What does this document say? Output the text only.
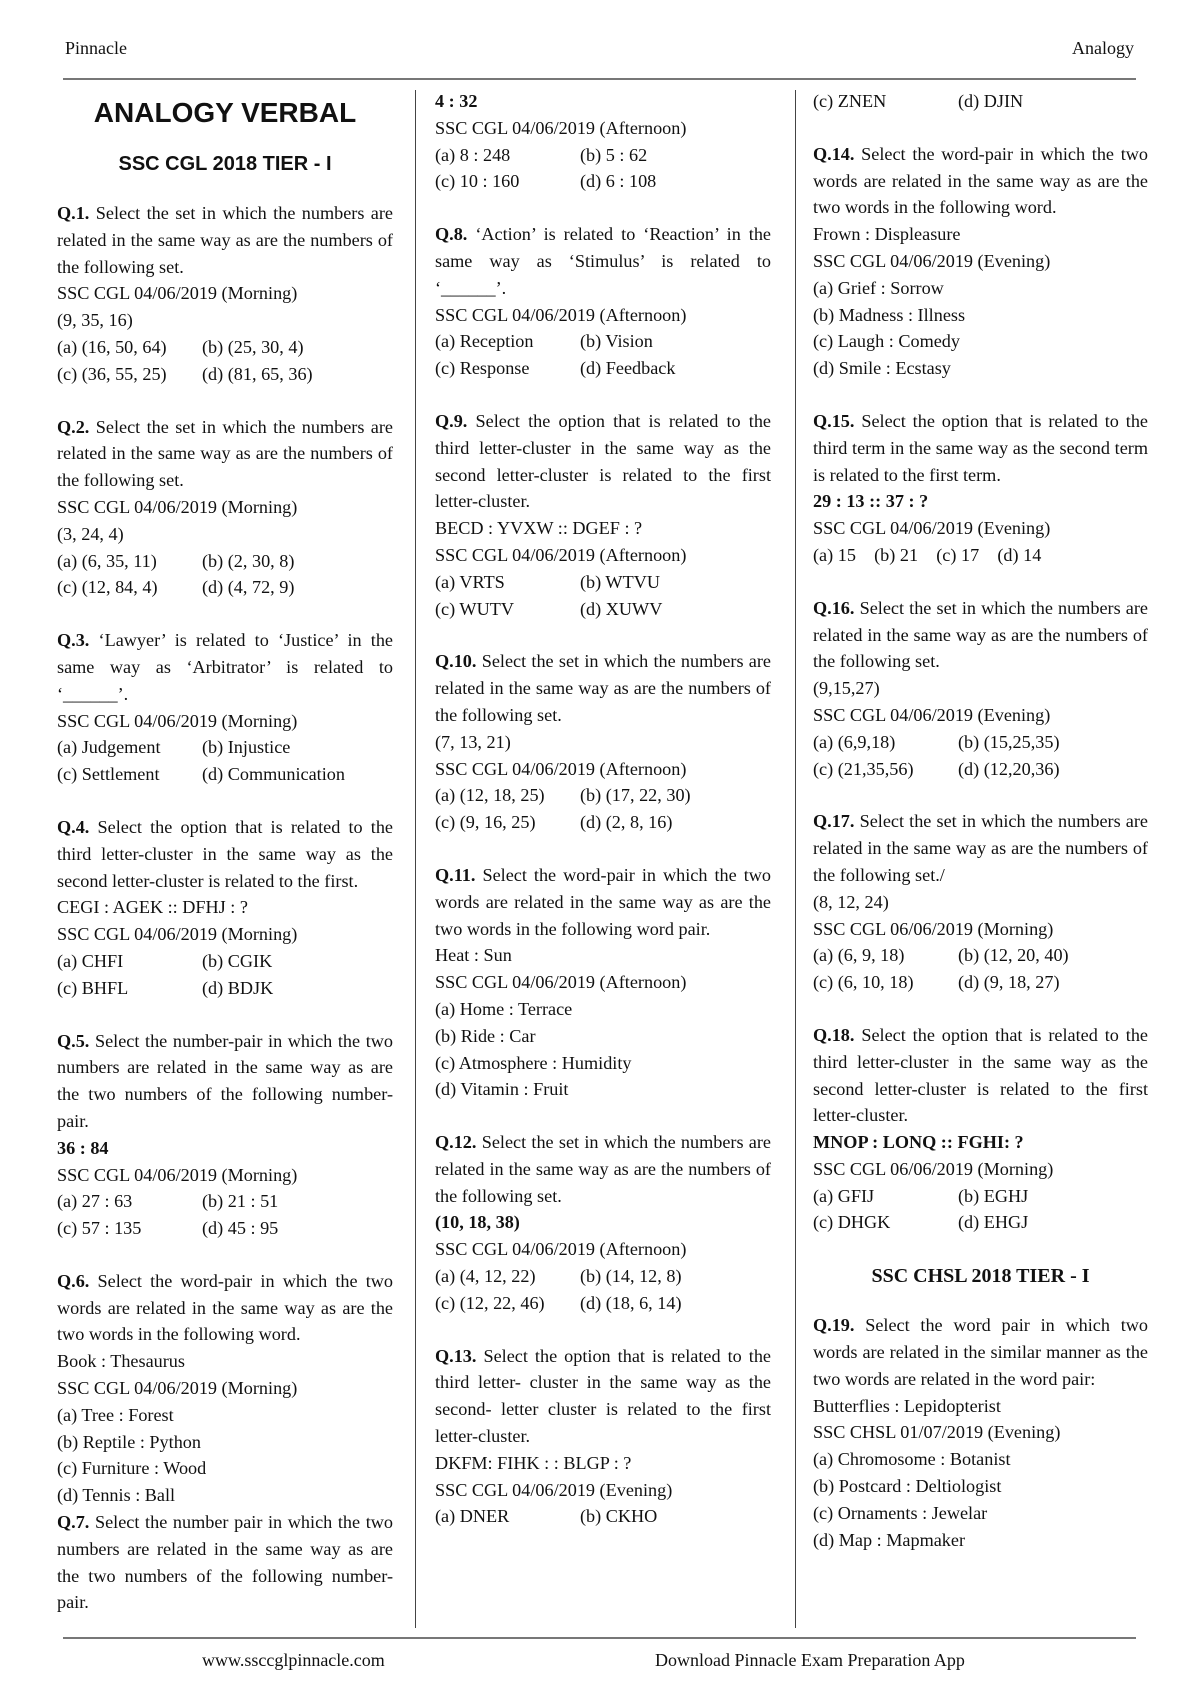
Pinnacle	Analogy
ANALOGY VERBAL
SSC CGL 2018 TIER - I
Q.1. Select the set in which the numbers are related in the same way as are the numbers of the following set.
SSC CGL 04/06/2019 (Morning)
(9, 35, 16)
(a) (16, 50, 64)	(b) (25, 30, 4)
(c) (36, 55, 25)	(d) (81, 65, 36)
Q.2. Select the set in which the numbers are related in the same way as are the numbers of the following set.
SSC CGL 04/06/2019 (Morning)
(3, 24, 4)
(a) (6, 35, 11)	(b) (2, 30, 8)
(c) (12, 84, 4)	(d) (4, 72, 9)
Q.3. ‘Lawyer’ is related to ‘Justice’ in the same way as ‘Arbitrator’ is related to ‘______’.
SSC CGL 04/06/2019 (Morning)
(a) Judgement	(b) Injustice
(c) Settlement	(d) Communication
Q.4. Select the option that is related to the third letter-cluster in the same way as the second letter-cluster is related to the first.
CEGI : AGEK :: DFHJ : ?
SSC CGL 04/06/2019 (Morning)
(a) CHFI	(b) CGIK
(c) BHFL	(d) BDJK
Q.5. Select the number-pair in which the two numbers are related in the same way as are the two numbers of the following number-pair.
36 : 84
SSC CGL 04/06/2019 (Morning)
(a) 27 : 63	(b) 21 : 51
(c) 57 : 135	(d) 45 : 95
Q.6. Select the word-pair in which the two words are related in the same way as are the two words in the following word.
Book : Thesaurus
SSC CGL 04/06/2019 (Morning)
(a) Tree : Forest
(b) Reptile : Python
(c) Furniture : Wood
(d) Tennis : Ball
Q.7. Select the number pair in which the two numbers are related in the same way as are the two numbers of the following number-pair.
4 : 32
SSC CGL 04/06/2019 (Afternoon)
(a) 8 : 248	(b) 5 : 62
(c) 10 : 160	(d) 6 : 108
Q.8. ‘Action’ is related to ‘Reaction’ in the same way as ‘Stimulus’ is related to ‘______’.
SSC CGL 04/06/2019 (Afternoon)
(a) Reception	(b) Vision
(c) Response	(d) Feedback
Q.9. Select the option that is related to the third letter-cluster in the same way as the second letter-cluster is related to the first letter-cluster.
BECD : YVXW :: DGEF : ?
SSC CGL 04/06/2019 (Afternoon)
(a) VRTS	(b) WTVU
(c) WUTV	(d) XUWV
Q.10. Select the set in which the numbers are related in the same way as are the numbers of the following set.
(7, 13, 21)
SSC CGL 04/06/2019 (Afternoon)
(a) (12, 18, 25)	(b) (17, 22, 30)
(c) (9, 16, 25)	(d) (2, 8, 16)
Q.11. Select the word-pair in which the two words are related in the same way as are the two words in the following word pair.
Heat : Sun
SSC CGL 04/06/2019 (Afternoon)
(a) Home : Terrace
(b) Ride : Car
(c) Atmosphere : Humidity
(d) Vitamin : Fruit
Q.12. Select the set in which the numbers are related in the same way as are the numbers of the following set.
(10, 18, 38)
SSC CGL 04/06/2019 (Afternoon)
(a) (4, 12, 22)	(b) (14, 12, 8)
(c) (12, 22, 46)	(d) (18, 6, 14)
Q.13. Select the option that is related to the third letter- cluster in the same way as the second- letter cluster is related to the first letter-cluster.
DKFM: FIHK : : BLGP : ?
SSC CGL 04/06/2019 (Evening)
(a) DNER	(b) CKHO
(c) ZNEN	(d) DJIN
Q.14. Select the word-pair in which the two words are related in the same way as are the two words in the following word.
Frown : Displeasure
SSC CGL 04/06/2019 (Evening)
(a) Grief : Sorrow
(b) Madness : Illness
(c) Laugh : Comedy
(d) Smile : Ecstasy
Q.15. Select the option that is related to the third term in the same way as the second term is related to the first term.
29 : 13 :: 37 : ?
SSC CGL 04/06/2019 (Evening)
(a) 15 (b) 21 (c) 17 (d) 14
Q.16. Select the set in which the numbers are related in the same way as are the numbers of the following set.
(9,15,27)
SSC CGL 04/06/2019 (Evening)
(a) (6,9,18)	(b) (15,25,35)
(c) (21,35,56)	(d) (12,20,36)
Q.17. Select the set in which the numbers are related in the same way as are the numbers of the following set./
(8, 12, 24)
SSC CGL 06/06/2019 (Morning)
(a) (6, 9, 18)	(b) (12, 20, 40)
(c) (6, 10, 18)	(d) (9, 18, 27)
Q.18. Select the option that is related to the third letter-cluster in the same way as the second letter-cluster is related to the first letter-cluster.
MNOP : LONQ :: FGHI: ?
SSC CGL 06/06/2019 (Morning)
(a) GFIJ	(b) EGHJ
(c) DHGK	(d) EHGJ
SSC CHSL 2018 TIER - I
Q.19. Select the word pair in which two words are related in the similar manner as the two words are related in the word pair:
Butterflies : Lepidopterist
SSC CHSL 01/07/2019 (Evening)
(a) Chromosome : Botanist
(b) Postcard : Deltiologist
(c) Ornaments : Jewelar
(d) Map : Mapmaker
www.ssccglpinnacle.com	Download Pinnacle Exam Preparation App
